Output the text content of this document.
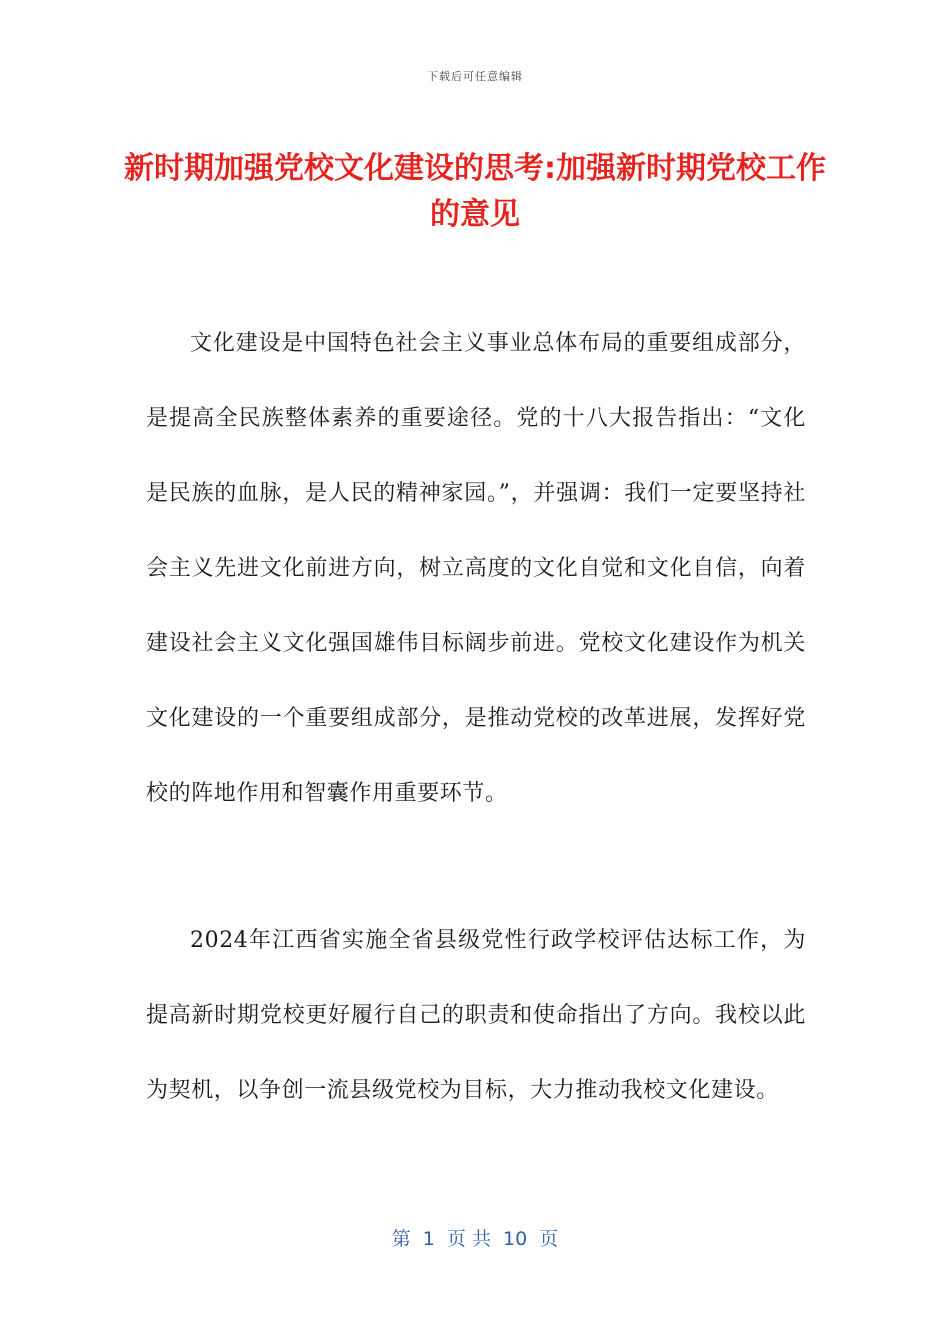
下载后可任意编辑
新时期加强党校文化建设的思考:加强新时期党校工作的意见

文化建设是中国特色社会主义事业总体布局的重要组成部分，是提高全民族整体素养的重要途径。党的十八大报告指出：“文化是民族的血脉，是人民的精神家园。”，并强调：我们一定要坚持社会主义先进文化前进方向，树立高度的文化自觉和文化自信，向着建设社会主义文化强国雄伟目标阔步前进。党校文化建设作为机关文化建设的一个重要组成部分，是推动党校的改革进展，发挥好党校的阵地作用和智囊作用重要环节。

2024年江西省实施全省县级党性行政学校评估达标工作，为提高新时期党校更好履行自己的职责和使命指出了方向。我校以此为契机，以争创一流县级党校为目标，大力推动我校文化建设。

第  1  页 共  10  页
